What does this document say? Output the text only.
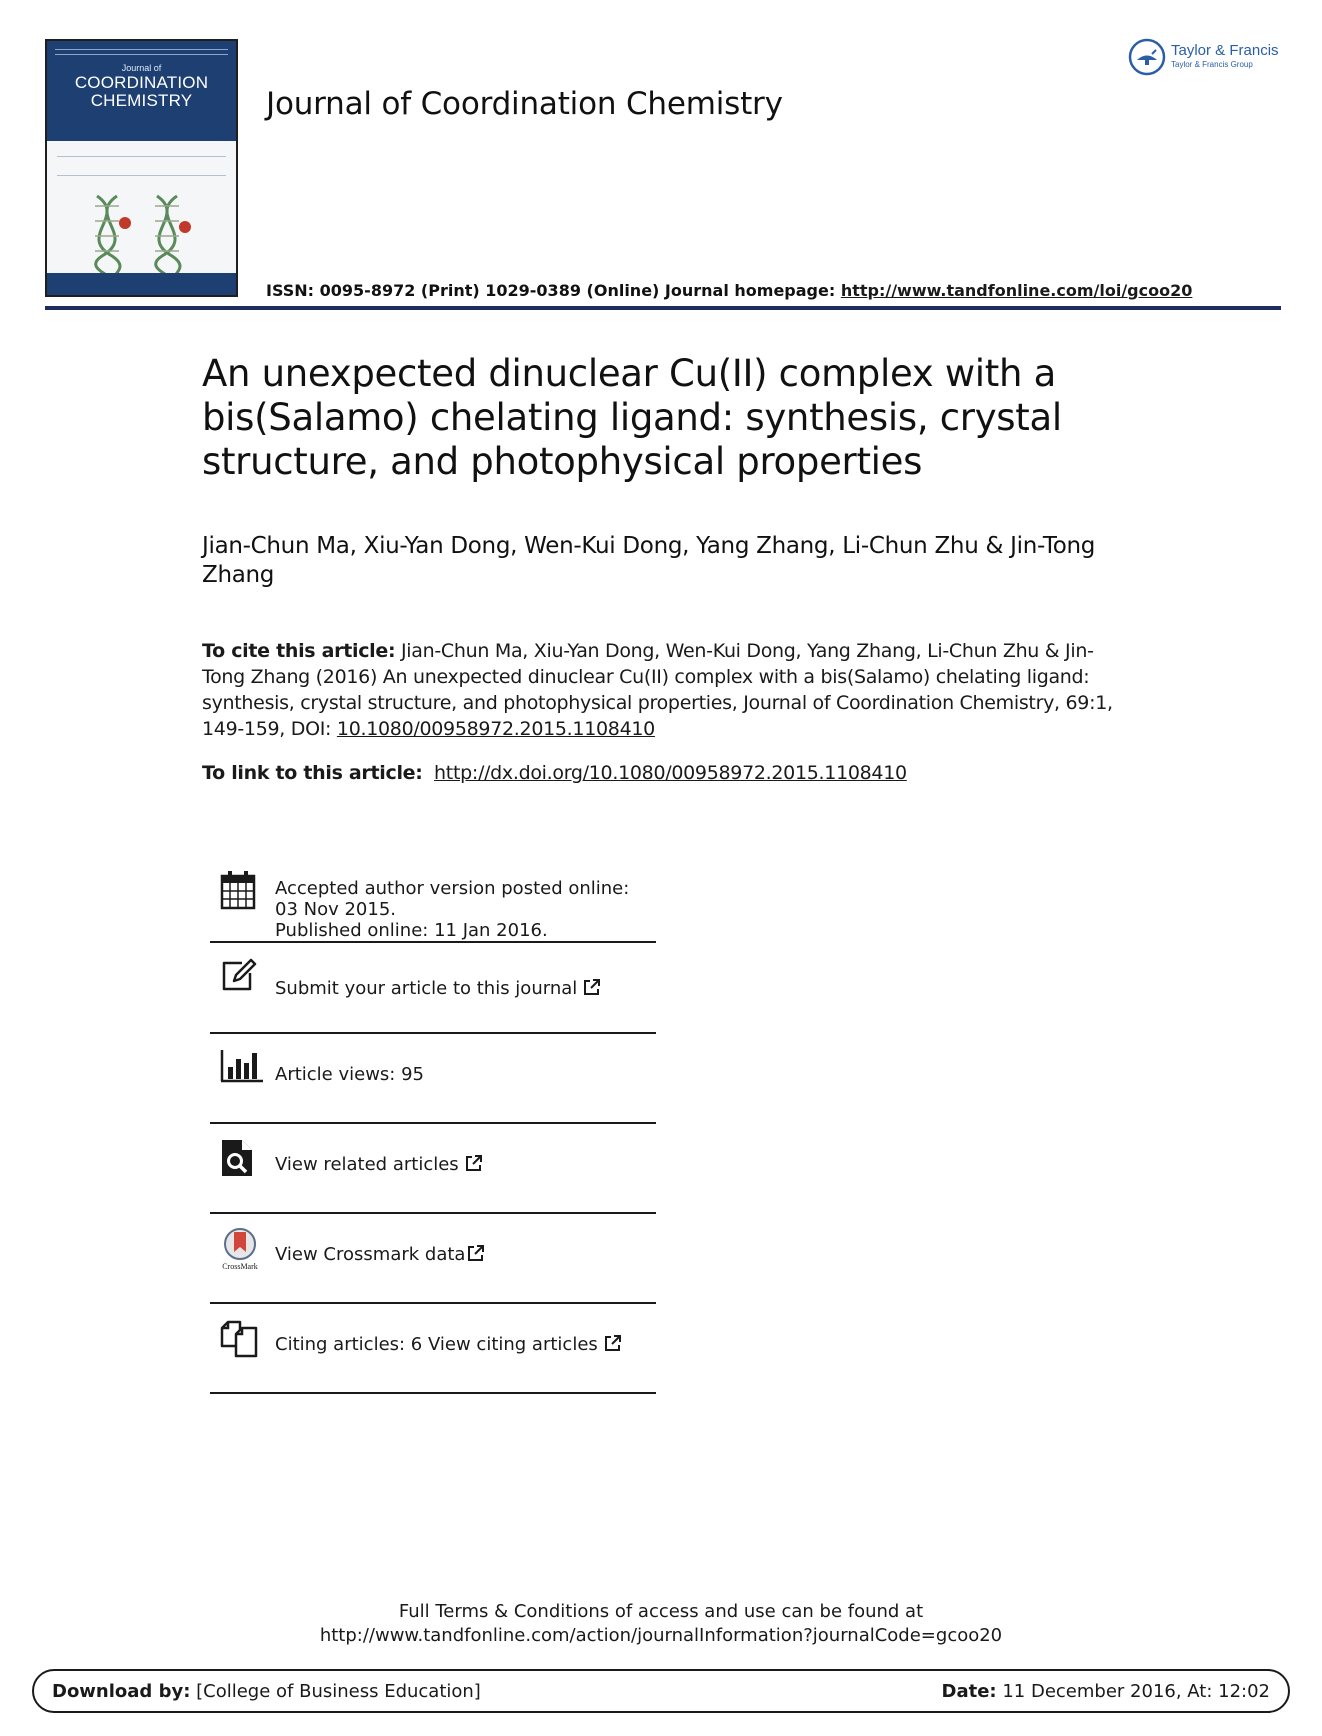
Journal of
COORDINATION
CHEMISTRY	Journal of Coordination Chemistry
Taylor & Francis
Taylor & Francis Group
ISSN: 0095-8972 (Print) 1029-0389 (Online) Journal homepage: http://www.tandfonline.com/loi/gcoo20
An unexpected dinuclear Cu(II) complex with a bis(Salamo) chelating ligand: synthesis, crystal structure, and photophysical properties
Jian-Chun Ma, Xiu-Yan Dong, Wen-Kui Dong, Yang Zhang, Li-Chun Zhu & Jin-Tong Zhang
To cite this article: Jian-Chun Ma, Xiu-Yan Dong, Wen-Kui Dong, Yang Zhang, Li-Chun Zhu & Jin-Tong Zhang (2016) An unexpected dinuclear Cu(II) complex with a bis(Salamo) chelating ligand: synthesis, crystal structure, and photophysical properties, Journal of Coordination Chemistry, 69:1, 149-159, DOI: 10.1080/00958972.2015.1108410
To link to this article: http://dx.doi.org/10.1080/00958972.2015.1108410
Accepted author version posted online: 03 Nov 2015.
Published online: 11 Jan 2016.
Submit your article to this journal
Article views: 95
View related articles
CrossMark
View Crossmark data
Citing articles: 6 View citing articles
Full Terms & Conditions of access and use can be found at
http://www.tandfonline.com/action/journalInformation?journalCode=gcoo20
Download by: [College of Business Education]	Date: 11 December 2016, At: 12:02
